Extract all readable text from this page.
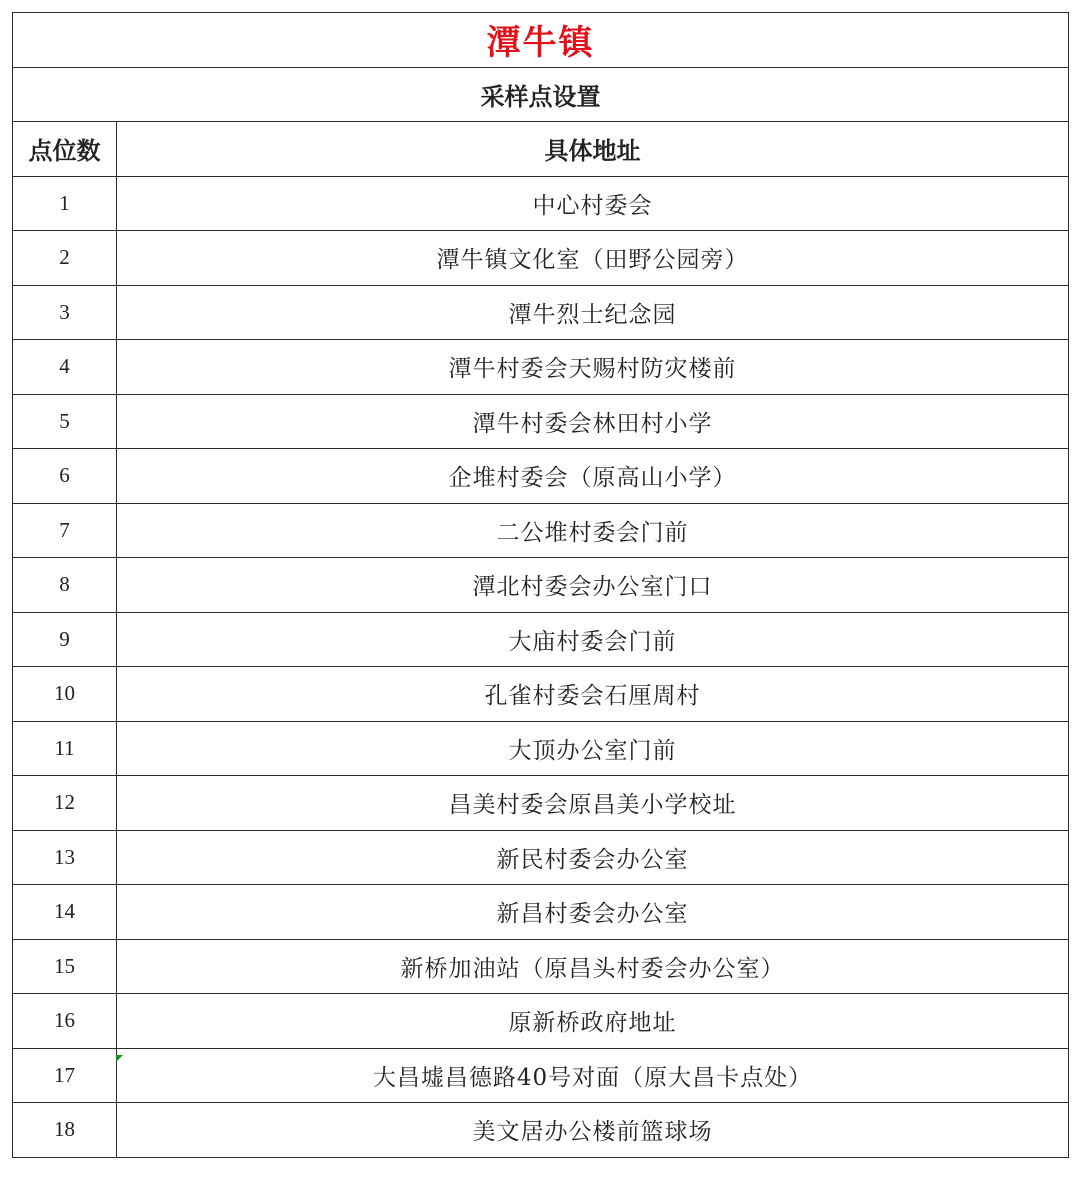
潭牛镇	
采样点设置	
点位数	具体地址
1	中心村委会
2	潭牛镇文化室（田野公园旁）
3	潭牛烈士纪念园
4	潭牛村委会天赐村防灾楼前
5	潭牛村委会林田村小学
6	企堆村委会（原高山小学）
7	二公堆村委会门前
8	潭北村委会办公室门口
9	大庙村委会门前
10	孔雀村委会石厘周村
11	大顶办公室门前
12	昌美村委会原昌美小学校址
13	新民村委会办公室
14	新昌村委会办公室
15	新桥加油站（原昌头村委会办公室）
16	原新桥政府地址
17	大昌墟昌德路40号对面（原大昌卡点处）
18	美文居办公楼前篮球场
